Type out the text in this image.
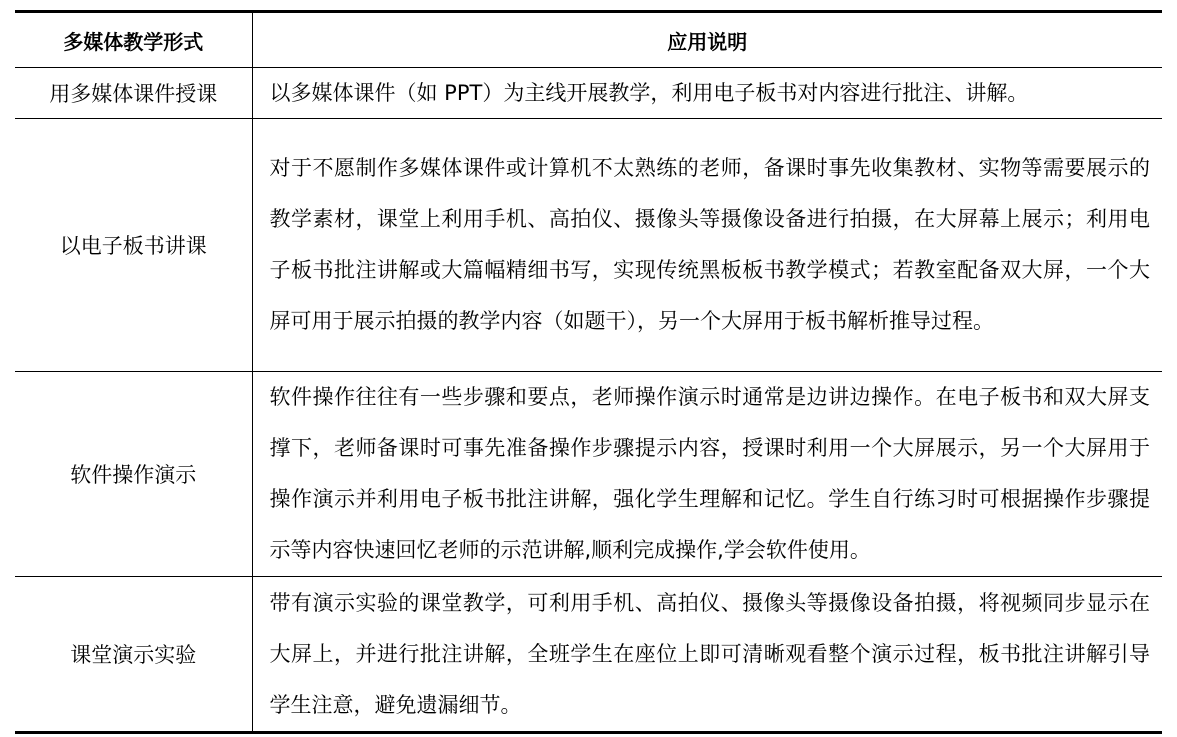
多媒体教学形式	应用说明
用多媒体课件授课	以多媒体课件（如 PPT）为主线开展教学，利用电子板书对内容进行批注、讲解。
以电子板书讲课	对于不愿制作多媒体课件或计算机不太熟练的老师，备课时事先收集教材、实物等需要展示的教学素材，课堂上利用手机、高拍仪、摄像头等摄像设备进行拍摄，在大屏幕上展示；利用电子板书批注讲解或大篇幅精细书写，实现传统黑板板书教学模式；若教室配备双大屏，一个大屏可用于展示拍摄的教学内容（如题干），另一个大屏用于板书解析推导过程。
软件操作演示	软件操作往往有一些步骤和要点，老师操作演示时通常是边讲边操作。在电子板书和双大屏支撑下，老师备课时可事先准备操作步骤提示内容，授课时利用一个大屏展示，另一个大屏用于操作演示并利用电子板书批注讲解，强化学生理解和记忆。学生自行练习时可根据操作步骤提示等内容快速回忆老师的示范讲解,顺利完成操作,学会软件使用。
课堂演示实验	带有演示实验的课堂教学，可利用手机、高拍仪、摄像头等摄像设备拍摄，将视频同步显示在大屏上，并进行批注讲解，全班学生在座位上即可清晰观看整个演示过程，板书批注讲解引导学生注意，避免遗漏细节。
